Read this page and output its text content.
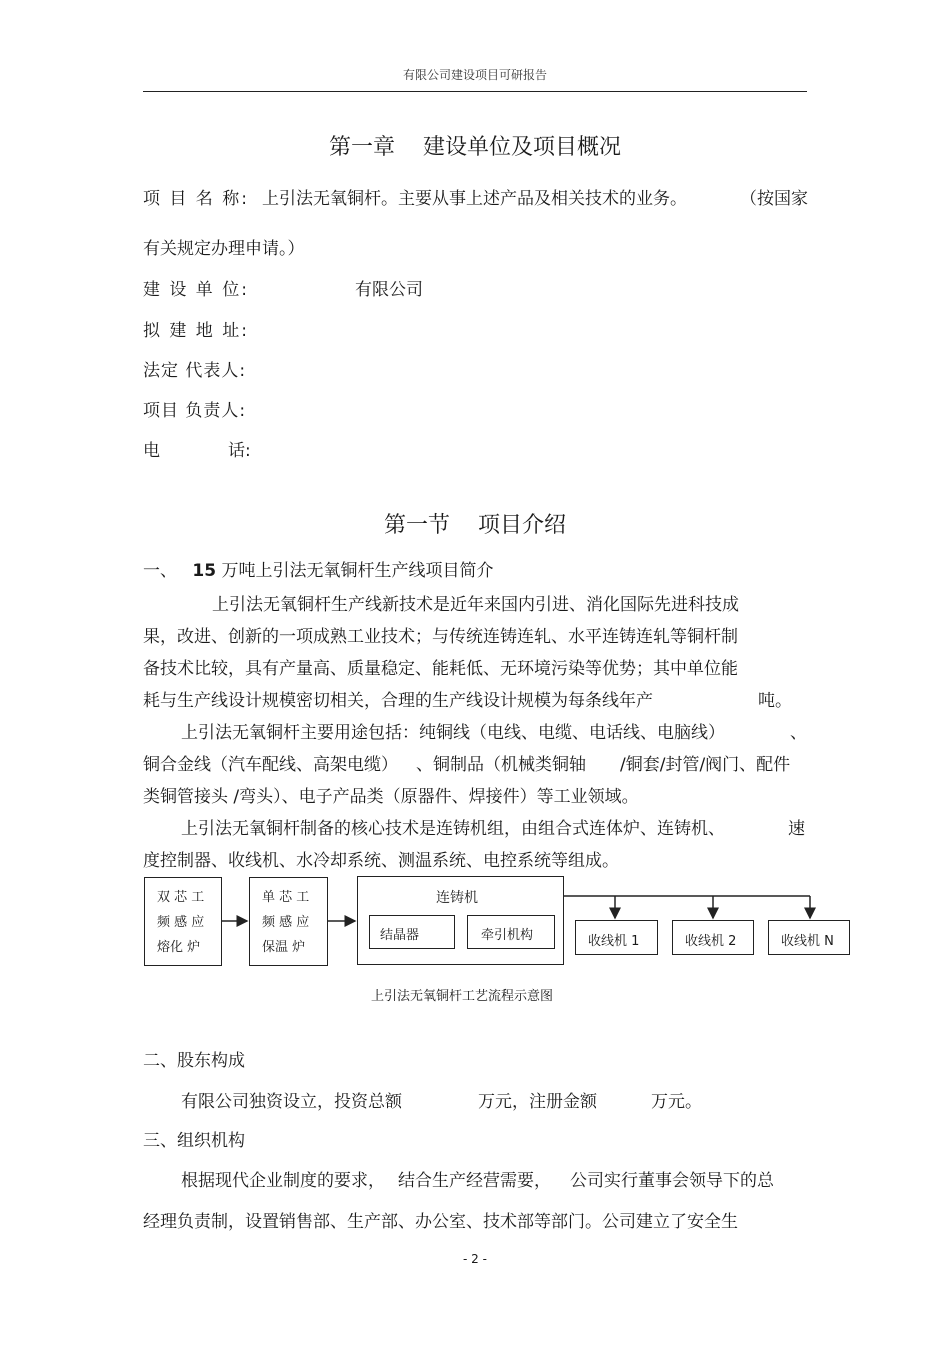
有限公司建设项目可研报告
第一章    建设单位及项目概况
项 目 名 称: 上引法无氧铜杆。主要从事上述产品及相关技术的业务。	（按国家
有关规定办理申请。）
建 设 单 位:	有限公司
拟 建 地 址:
法定 代表人:
项目 负责人:
电	话:
第一节    项目介绍
一、 15 万吨上引法无氧铜杆生产线项目简介
上引法无氧铜杆生产线新技术是近年来国内引进、消化国际先进科技成
果，改进、创新的一项成熟工业技术；与传统连铸连轧、水平连铸连轧等铜杆制
备技术比较，具有产量高、质量稳定、能耗低、无环境污染等优势；其中单位能
耗与生产线设计规模密切相关，合理的生产线设计规模为每条线年产	吨。
上引法无氧铜杆主要用途包括：纯铜线（电线、电缆、电话线、电脑线）	、
铜合金线（汽车配线、高架电缆） 、铜制品（机械类铜轴 /铜套/封管/阀门、配件
类铜管接头 /弯头）、电子产品类（原器件、焊接件）等工业领域。
上引法无氧铜杆制备的核心技术是连铸机组，由组合式连体炉、连铸机、	速
度控制器、收线机、水冷却系统、测温系统、电控系统等组成。
双 芯 工
频 感 应
熔化 炉
单 芯 工
频 感 应
保温 炉
连铸机
结晶器	牵引机构	收线机 1	收线机 2	收线机 N
上引法无氧铜杆工艺流程示意图
二、股东构成
有限公司独资设立，投资总额	万元，注册金额	万元。
三、组织机构
根据现代企业制度的要求， 结合生产经营需要， 公司实行董事会领导下的总
经理负责制，设置销售部、生产部、办公室、技术部等部门。公司建立了安全生
- 2 -
